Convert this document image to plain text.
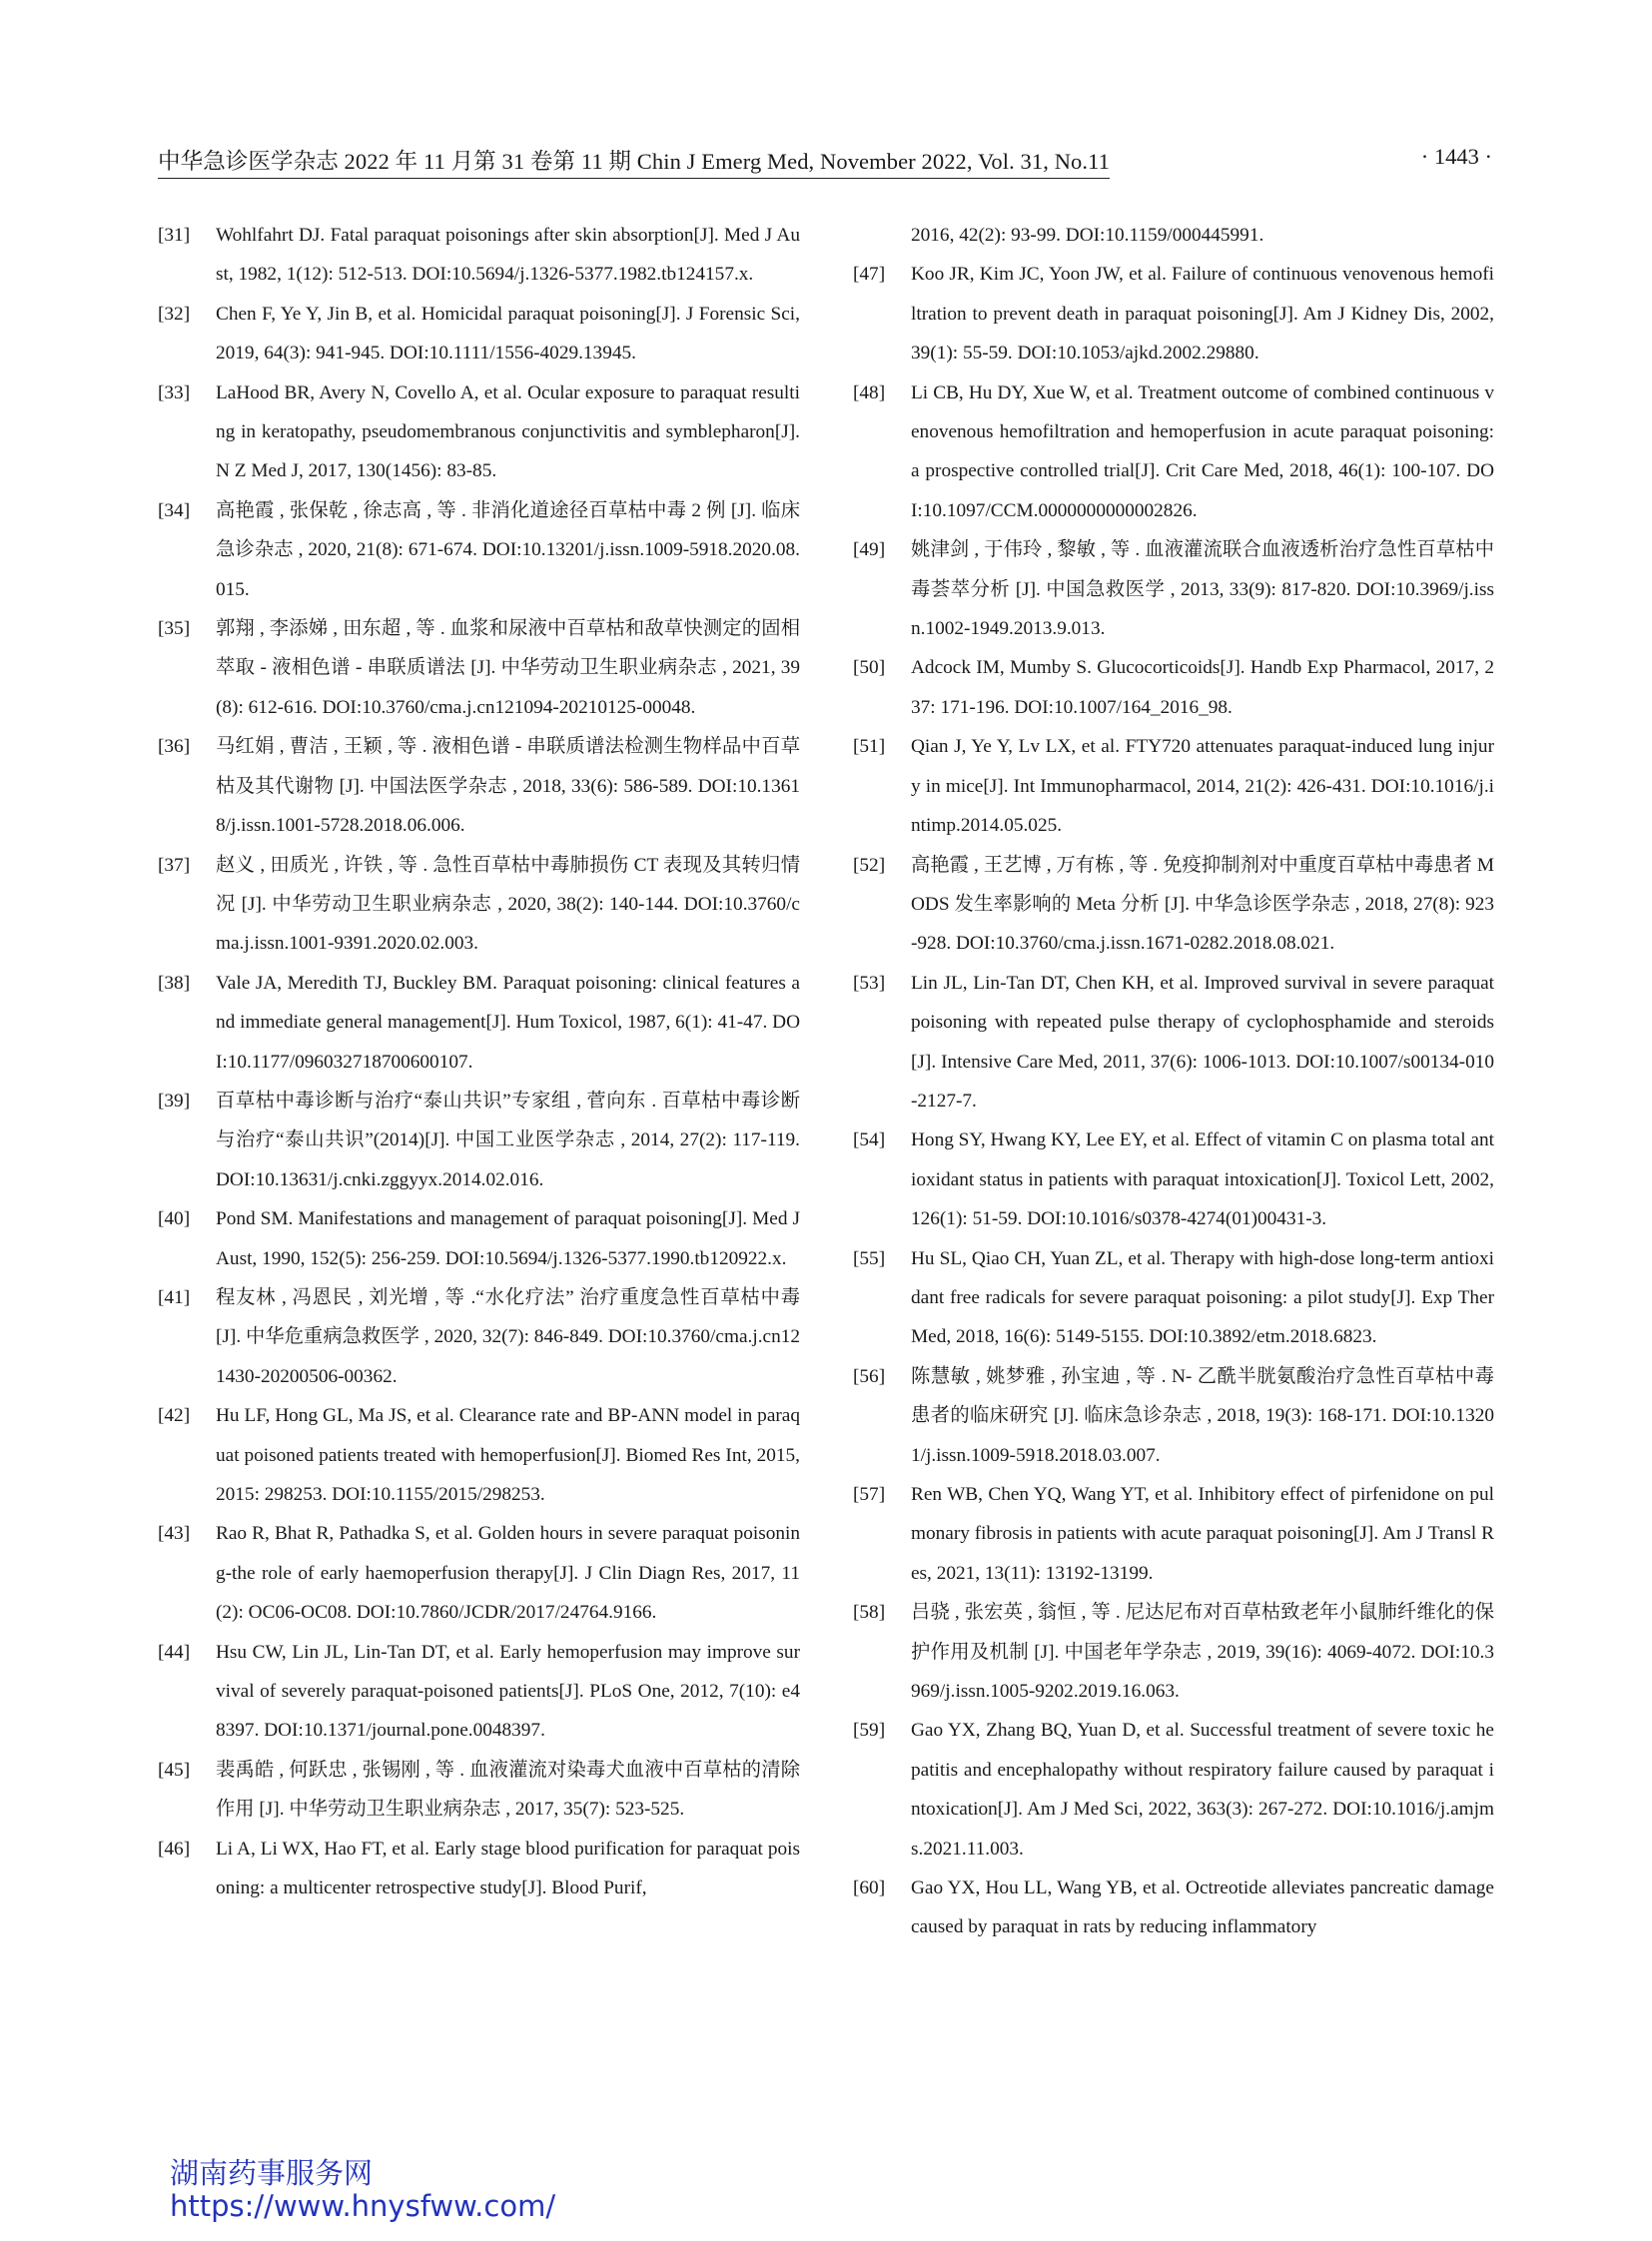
中华急诊医学杂志 2022 年 11 月第 31 卷第 11 期 Chin J Emerg Med, November 2022, Vol. 31, No.11	· 1443 ·
[31]	Wohlfahrt DJ. Fatal paraquat poisonings after skin absorption[J]. Med J Aust, 1982, 1(12): 512-513. DOI:10.5694/j.1326-5377.1982.tb124157.x.
[32]	Chen F, Ye Y, Jin B, et al. Homicidal paraquat poisoning[J]. J Forensic Sci, 2019, 64(3): 941-945. DOI:10.1111/1556-4029.13945.
[33]	LaHood BR, Avery N, Covello A, et al. Ocular exposure to paraquat resulting in keratopathy, pseudomembranous conjunctivitis and symblepharon[J]. N Z Med J, 2017, 130(1456): 83-85.
[34]	高艳霞 , 张保乾 , 徐志高 , 等 . 非消化道途径百草枯中毒 2 例 [J]. 临床急诊杂志 , 2020, 21(8): 671-674. DOI:10.13201/j.issn.1009-5918.2020.08.015.
[35]	郭翔 , 李添娣 , 田东超 , 等 . 血浆和尿液中百草枯和敌草快测定的固相萃取 - 液相色谱 - 串联质谱法 [J]. 中华劳动卫生职业病杂志 , 2021, 39(8): 612-616. DOI:10.3760/cma.j.cn121094-20210125-00048.
[36]	马红娟 , 曹洁 , 王颖 , 等 . 液相色谱 - 串联质谱法检测生物样品中百草枯及其代谢物 [J]. 中国法医学杂志 , 2018, 33(6): 586-589. DOI:10.13618/j.issn.1001-5728.2018.06.006.
[37]	赵义 , 田质光 , 许铁 , 等 . 急性百草枯中毒肺损伤 CT 表现及其转归情况 [J]. 中华劳动卫生职业病杂志 , 2020, 38(2): 140-144. DOI:10.3760/cma.j.issn.1001-9391.2020.02.003.
[38]	Vale JA, Meredith TJ, Buckley BM. Paraquat poisoning: clinical features and immediate general management[J]. Hum Toxicol, 1987, 6(1): 41-47. DOI:10.1177/096032718700600107.
[39]	百草枯中毒诊断与治疗“泰山共识”专家组 , 菅向东 . 百草枯中毒诊断与治疗“泰山共识”(2014)[J]. 中国工业医学杂志 , 2014, 27(2): 117-119. DOI:10.13631/j.cnki.zggyyx.2014.02.016.
[40]	Pond SM. Manifestations and management of paraquat poisoning[J]. Med J Aust, 1990, 152(5): 256-259. DOI:10.5694/j.1326-5377.1990.tb120922.x.
[41]	程友林 , 冯恩民 , 刘光增 , 等 .“水化疗法” 治疗重度急性百草枯中毒 [J]. 中华危重病急救医学 , 2020, 32(7): 846-849. DOI:10.3760/cma.j.cn121430-20200506-00362.
[42]	Hu LF, Hong GL, Ma JS, et al. Clearance rate and BP-ANN model in paraquat poisoned patients treated with hemoperfusion[J]. Biomed Res Int, 2015, 2015: 298253. DOI:10.1155/2015/298253.
[43]	Rao R, Bhat R, Pathadka S, et al. Golden hours in severe paraquat poisoning-the role of early haemoperfusion therapy[J]. J Clin Diagn Res, 2017, 11(2): OC06-OC08. DOI:10.7860/JCDR/2017/24764.9166.
[44]	Hsu CW, Lin JL, Lin-Tan DT, et al. Early hemoperfusion may improve survival of severely paraquat-poisoned patients[J]. PLoS One, 2012, 7(10): e48397. DOI:10.1371/journal.pone.0048397.
[45]	裴禹皓 , 何跃忠 , 张锡刚 , 等 . 血液灌流对染毒犬血液中百草枯的清除作用 [J]. 中华劳动卫生职业病杂志 , 2017, 35(7): 523-525.
[46]	Li A, Li WX, Hao FT, et al. Early stage blood purification for paraquat poisoning: a multicenter retrospective study[J]. Blood Purif,
2016, 42(2): 93-99. DOI:10.1159/000445991.
[47]	Koo JR, Kim JC, Yoon JW, et al. Failure of continuous venovenous hemofiltration to prevent death in paraquat poisoning[J]. Am J Kidney Dis, 2002, 39(1): 55-59. DOI:10.1053/ajkd.2002.29880.
[48]	Li CB, Hu DY, Xue W, et al. Treatment outcome of combined continuous venovenous hemofiltration and hemoperfusion in acute paraquat poisoning: a prospective controlled trial[J]. Crit Care Med, 2018, 46(1): 100-107. DOI:10.1097/CCM.0000000000002826.
[49]	姚津剑 , 于伟玲 , 黎敏 , 等 . 血液灌流联合血液透析治疗急性百草枯中毒荟萃分析 [J]. 中国急救医学 , 2013, 33(9): 817-820. DOI:10.3969/j.issn.1002-1949.2013.9.013.
[50]	Adcock IM, Mumby S. Glucocorticoids[J]. Handb Exp Pharmacol, 2017, 237: 171-196. DOI:10.1007/164_2016_98.
[51]	Qian J, Ye Y, Lv LX, et al. FTY720 attenuates paraquat-induced lung injury in mice[J]. Int Immunopharmacol, 2014, 21(2): 426-431. DOI:10.1016/j.intimp.2014.05.025.
[52]	高艳霞 , 王艺博 , 万有栋 , 等 . 免疫抑制剂对中重度百草枯中毒患者 MODS 发生率影响的 Meta 分析 [J]. 中华急诊医学杂志 , 2018, 27(8): 923-928. DOI:10.3760/cma.j.issn.1671-0282.2018.08.021.
[53]	Lin JL, Lin-Tan DT, Chen KH, et al. Improved survival in severe paraquat poisoning with repeated pulse therapy of cyclophosphamide and steroids[J]. Intensive Care Med, 2011, 37(6): 1006-1013. DOI:10.1007/s00134-010-2127-7.
[54]	Hong SY, Hwang KY, Lee EY, et al. Effect of vitamin C on plasma total antioxidant status in patients with paraquat intoxication[J]. Toxicol Lett, 2002, 126(1): 51-59. DOI:10.1016/s0378-4274(01)00431-3.
[55]	Hu SL, Qiao CH, Yuan ZL, et al. Therapy with high-dose long-term antioxidant free radicals for severe paraquat poisoning: a pilot study[J]. Exp Ther Med, 2018, 16(6): 5149-5155. DOI:10.3892/etm.2018.6823.
[56]	陈慧敏 , 姚梦雅 , 孙宝迪 , 等 . N- 乙酰半胱氨酸治疗急性百草枯中毒患者的临床研究 [J]. 临床急诊杂志 , 2018, 19(3): 168-171. DOI:10.13201/j.issn.1009-5918.2018.03.007.
[57]	Ren WB, Chen YQ, Wang YT, et al. Inhibitory effect of pirfenidone on pulmonary fibrosis in patients with acute paraquat poisoning[J]. Am J Transl Res, 2021, 13(11): 13192-13199.
[58]	吕骁 , 张宏英 , 翁恒 , 等 . 尼达尼布对百草枯致老年小鼠肺纤维化的保护作用及机制 [J]. 中国老年学杂志 , 2019, 39(16): 4069-4072. DOI:10.3969/j.issn.1005-9202.2019.16.063.
[59]	Gao YX, Zhang BQ, Yuan D, et al. Successful treatment of severe toxic hepatitis and encephalopathy without respiratory failure caused by paraquat intoxication[J]. Am J Med Sci, 2022, 363(3): 267-272. DOI:10.1016/j.amjms.2021.11.003.
[60]	Gao YX, Hou LL, Wang YB, et al. Octreotide alleviates pancreatic damage caused by paraquat in rats by reducing inflammatory
湖南药事服务网
https://www.hnysfww.com/
